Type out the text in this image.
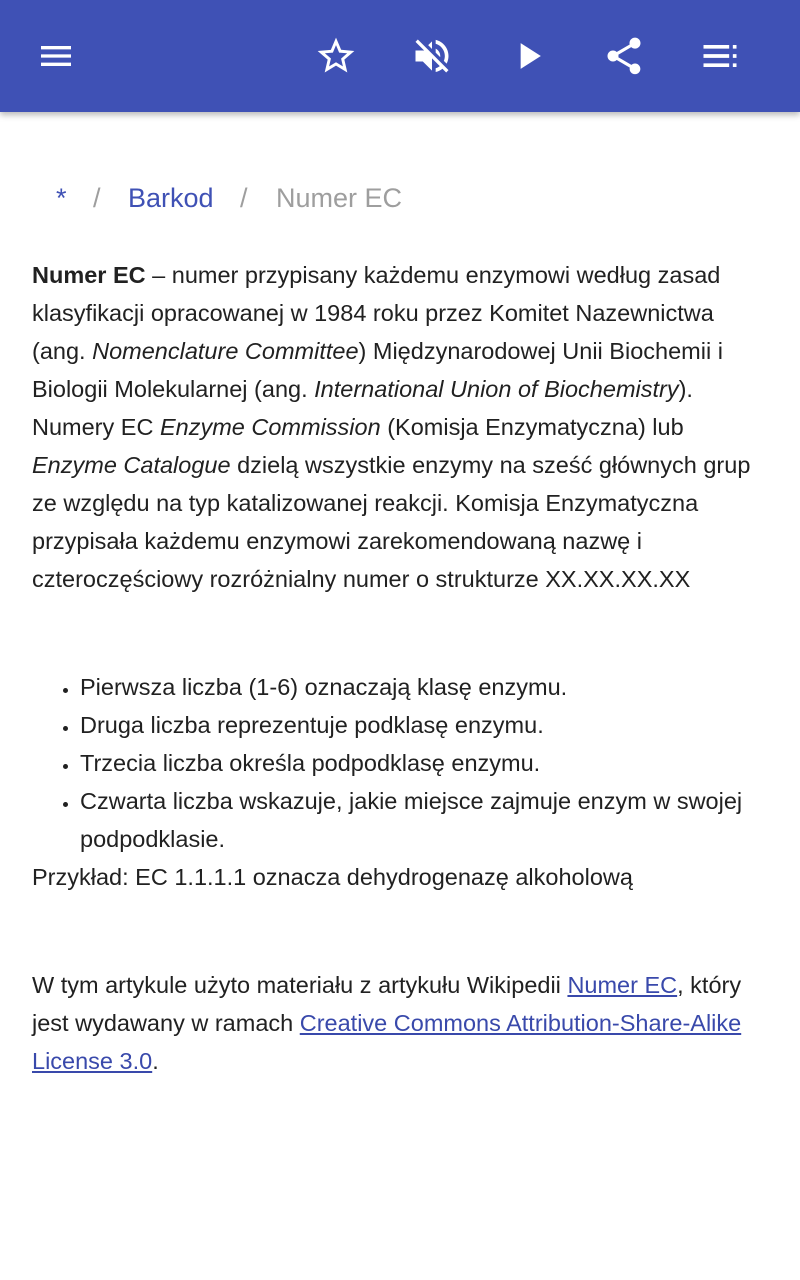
* / Barkod / Numer EC

Numer EC – numer przypisany każdemu enzymowi według zasad klasyfikacji opracowanej w 1984 roku przez Komitet Nazewnictwa (ang. Nomenclature Committee) Międzynarodowej Unii Biochemii i Biologii Molekularnej (ang. International Union of Biochemistry). Numery EC Enzyme Commission (Komisja Enzymatyczna) lub Enzyme Catalogue dzielą wszystkie enzymy na sześć głównych grup ze względu na typ katalizowanej reakcji. Komisja Enzymatyczna przypisała każdemu enzymowi zarekomendowaną nazwę i czteroczęściowy rozróżnialny numer o strukturze XX.XX.XX.XX

• Pierwsza liczba (1-6) oznaczają klasę enzymu.
• Druga liczba reprezentuje podklasę enzymu.
• Trzecia liczba określa podpodklasę enzymu.
• Czwarta liczba wskazuje, jakie miejsce zajmuje enzym w swojej podpodklasie.

Przykład: EC 1.1.1.1 oznacza dehydrogenazę alkoholową

W tym artykule użyto materiału z artykułu Wikipedii Numer EC, który jest wydawany w ramach Creative Commons Attribution-Share-Alike License 3.0.
